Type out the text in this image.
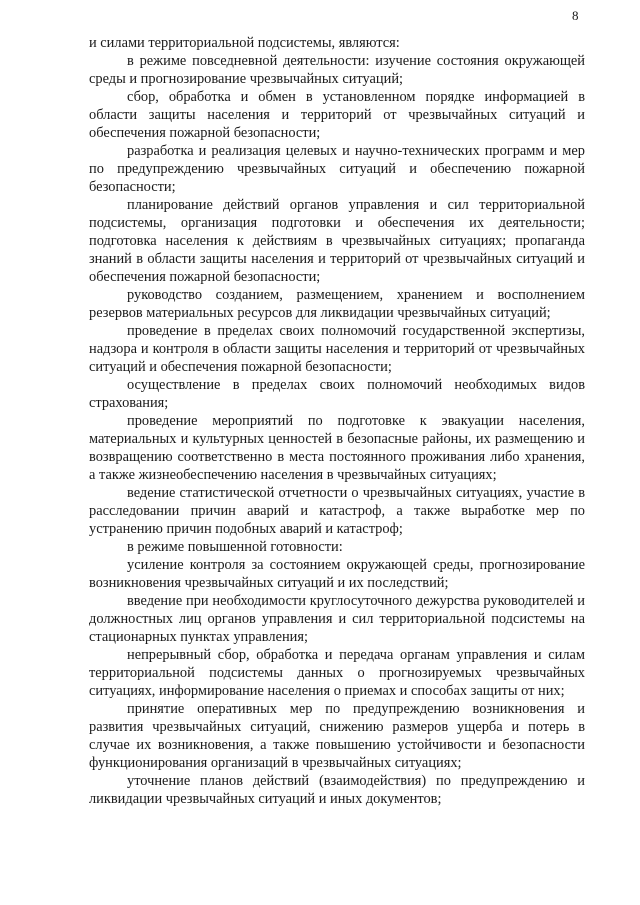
8

и силами территориальной подсистемы, являются:

в режиме повседневной деятельности: изучение состояния окружающей среды и прогнозирование чрезвычайных ситуаций;

сбор, обработка и обмен в установленном порядке информацией в области защиты населения и территорий от чрезвычайных ситуаций и обеспечения пожарной безопасности;

разработка и реализация целевых и научно-технических программ и мер по предупреждению чрезвычайных ситуаций и обеспечению пожарной безопасности;

планирование действий органов управления и сил территориальной подсистемы, организация подготовки и обеспечения их деятельности; подготовка населения к действиям в чрезвычайных ситуациях; пропаганда знаний в области защиты населения и территорий от чрезвычайных ситуаций и обеспечения пожарной безопасности;

руководство созданием, размещением, хранением и восполнением резервов материальных ресурсов для ликвидации чрезвычайных ситуаций;

проведение в пределах своих полномочий государственной экспертизы, надзора и контроля в области защиты населения и территорий от чрезвычайных ситуаций и обеспечения пожарной безопасности;

осуществление в пределах своих полномочий необходимых видов страхования;

проведение мероприятий по подготовке к эвакуации населения, материальных и культурных ценностей в безопасные районы, их размещению и возвращению соответственно в места постоянного проживания либо хранения, а также жизнеобеспечению населения в чрезвычайных ситуациях;

ведение статистической отчетности о чрезвычайных ситуациях, участие в расследовании причин аварий и катастроф, а также выработке мер по устранению причин подобных аварий и катастроф;

в режиме повышенной готовности:

усиление контроля за состоянием окружающей среды, прогнозирование возникновения чрезвычайных ситуаций и их последствий;

введение при необходимости круглосуточного дежурства руководителей и должностных лиц органов управления и сил территориальной подсистемы на стационарных пунктах управления;

непрерывный сбор, обработка и передача органам управления и силам территориальной подсистемы данных о прогнозируемых чрезвычайных ситуациях, информирование населения о приемах и способах защиты от них;

принятие оперативных мер по предупреждению возникновения и развития чрезвычайных ситуаций, снижению размеров ущерба и потерь в случае их возникновения, а также повышению устойчивости и безопасности функционирования организаций в чрезвычайных ситуациях;

уточнение планов действий (взаимодействия) по предупреждению и ликвидации чрезвычайных ситуаций и иных документов;
